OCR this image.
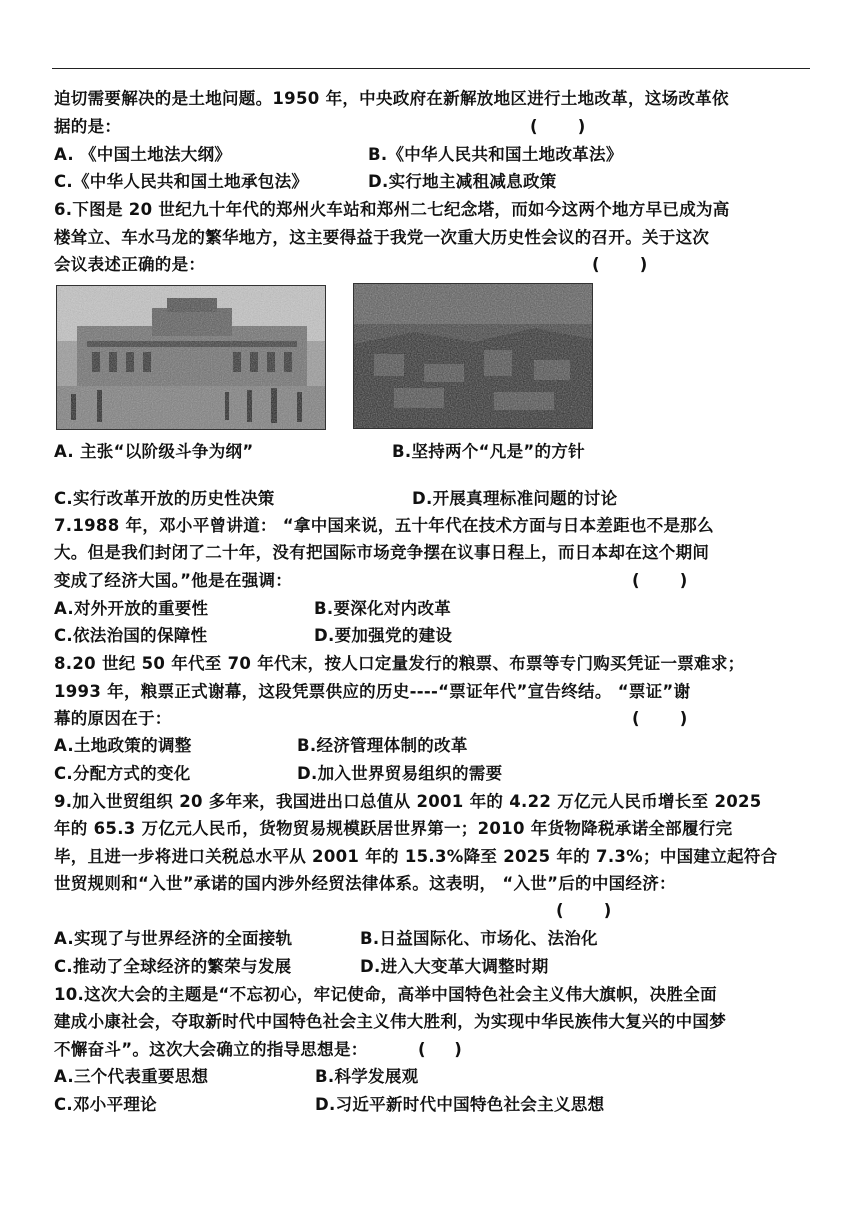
迫切需要解决的是土地问题。1950 年，中央政府在新解放地区进行土地改革，这场改革依
据的是：	(       )
A. 《中国土地法大纲》	B.《中华人民共和国土地改革法》
C.《中华人民共和国土地承包法》	D.实行地主减租减息政策
6.下图是 20 世纪九十年代的郑州火车站和郑州二七纪念塔，而如今这两个地方早已成为高
楼耸立、车水马龙的繁华地方，这主要得益于我党一次重大历史性会议的召开。关于这次
会议表述正确的是：	(       )
A. 主张“以阶级斗争为纲”	B.坚持两个“凡是”的方针
C.实行改革开放的历史性决策	D.开展真理标准问题的讨论
7.1988 年，邓小平曾讲道： “拿中国来说，五十年代在技术方面与日本差距也不是那么
大。但是我们封闭了二十年，没有把国际市场竞争摆在议事日程上，而日本却在这个期间
变成了经济大国。”他是在强调：	(       )
A.对外开放的重要性	B.要深化对内改革
C.依法治国的保障性	D.要加强党的建设
8.20 世纪 50 年代至 70 年代末，按人口定量发行的粮票、布票等专门购买凭证一票难求；
1993 年，粮票正式谢幕，这段凭票供应的历史----“票证年代”宣告终结。 “票证”谢
幕的原因在于：	(       )
A.土地政策的调整	B.经济管理体制的改革
C.分配方式的变化	D.加入世界贸易组织的需要
9.加入世贸组织 20 多年来，我国进出口总值从 2001 年的 4.22 万亿元人民币增长至 2025
年的 65.3 万亿元人民币，货物贸易规模跃居世界第一；2010 年货物降税承诺全部履行完
毕，且进一步将进口关税总水平从 2001 年的 15.3%降至 2025 年的 7.3%；中国建立起符合
世贸规则和“入世”承诺的国内涉外经贸法律体系。这表明， “入世”后的中国经济：
(       )
A.实现了与世界经济的全面接轨	B.日益国际化、市场化、法治化
C.推动了全球经济的繁荣与发展	D.进入大变革大调整时期
10.这次大会的主题是“不忘初心，牢记使命，高举中国特色社会主义伟大旗帜，决胜全面
建成小康社会，夺取新时代中国特色社会主义伟大胜利，为实现中华民族伟大复兴的中国梦
不懈奋斗”。这次大会确立的指导思想是：	(     )
A.三个代表重要思想	B.科学发展观
C.邓小平理论	D.习近平新时代中国特色社会主义思想
